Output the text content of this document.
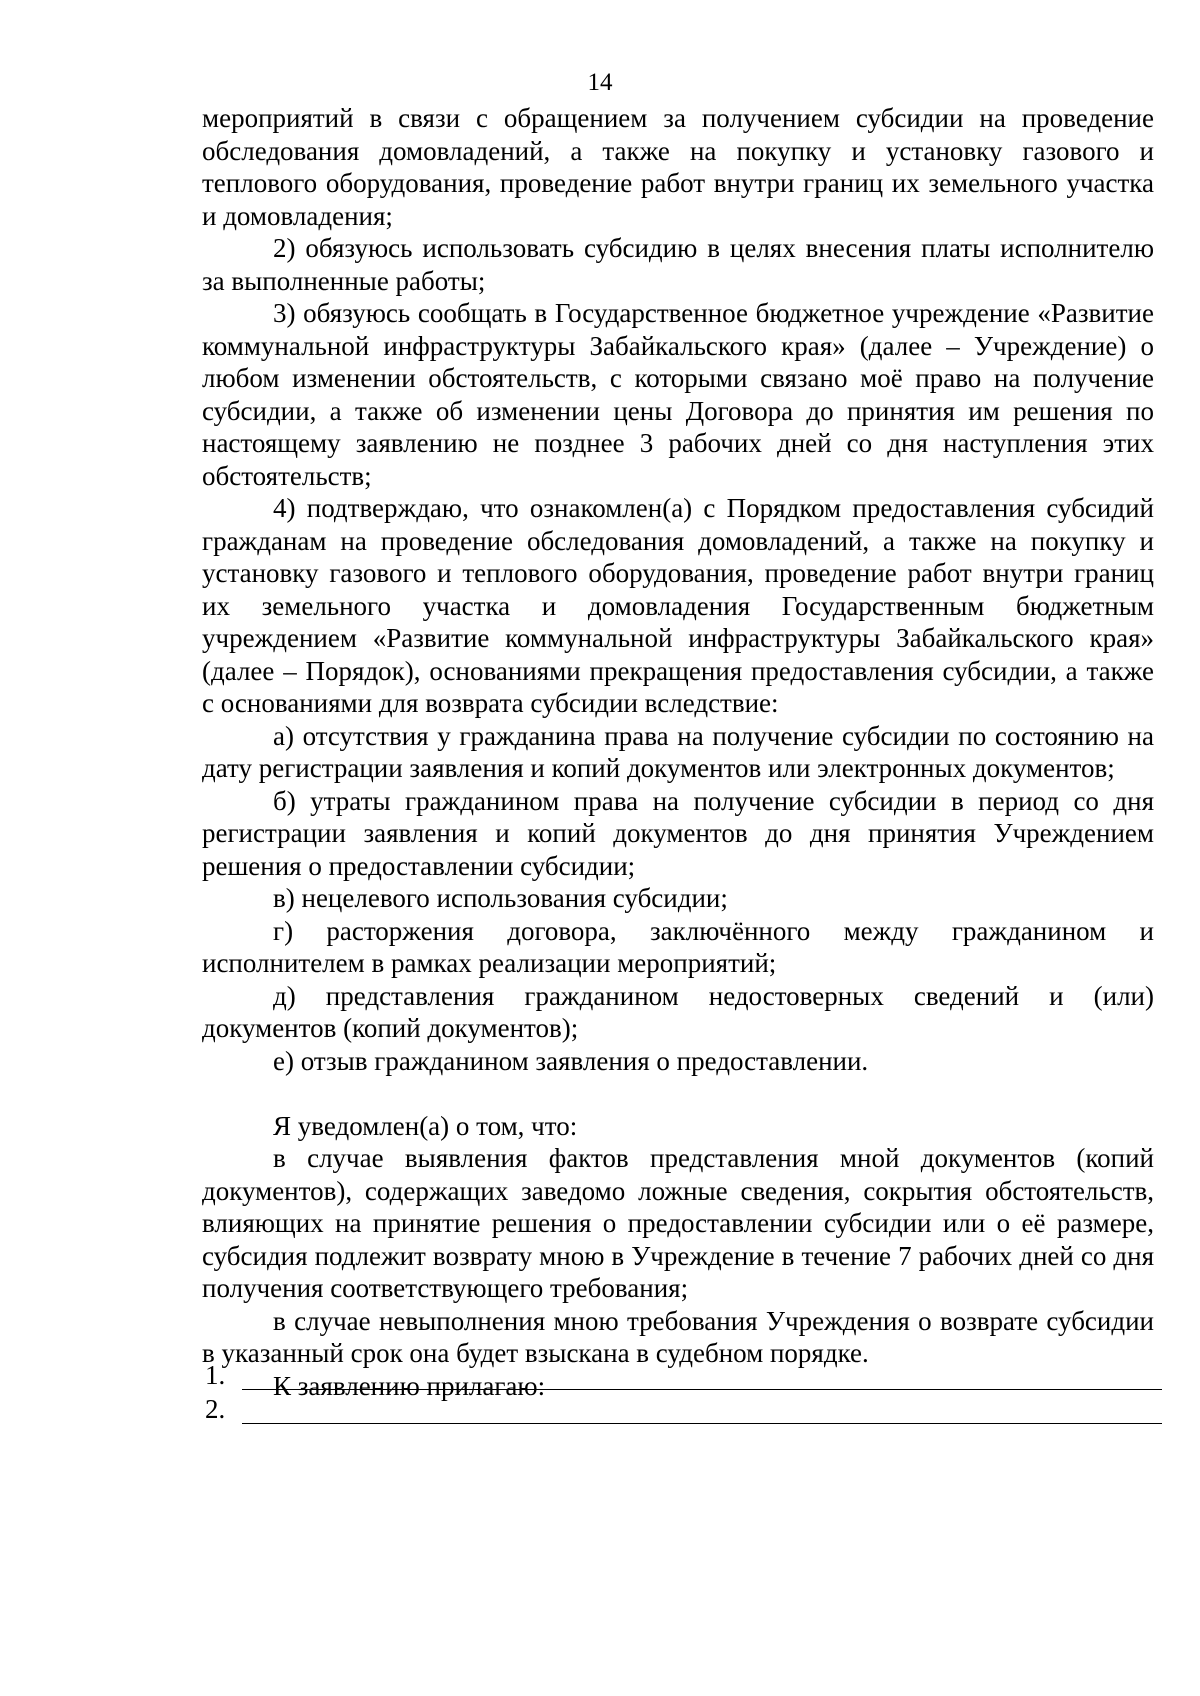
14

мероприятий в связи с обращением за получением субсидии на проведение обследования домовладений, а также на покупку и установку газового и теплового оборудования, проведение работ внутри границ их земельного участка и домовладения;

2) обязуюсь использовать субсидию в целях внесения платы исполнителю за выполненные работы;

3) обязуюсь сообщать в Государственное бюджетное учреждение «Развитие коммунальной инфраструктуры Забайкальского края» (далее – Учреждение) о любом изменении обстоятельств, с которыми связано моё право на получение субсидии, а также об изменении цены Договора до принятия им решения по настоящему заявлению не позднее 3 рабочих дней со дня наступления этих обстоятельств;

4) подтверждаю, что ознакомлен(а) с Порядком предоставления субсидий гражданам на проведение обследования домовладений, а также на покупку и установку газового и теплового оборудования, проведение работ внутри границ их земельного участка и домовладения Государственным бюджетным учреждением «Развитие коммунальной инфраструктуры Забайкальского края» (далее – Порядок), основаниями прекращения предоставления субсидии, а также с основаниями для возврата субсидии вследствие:

а) отсутствия у гражданина права на получение субсидии по состоянию на дату регистрации заявления и копий документов или электронных документов;

б) утраты гражданином права на получение субсидии в период со дня регистрации заявления и копий документов до дня принятия Учреждением решения о предоставлении субсидии;

в) нецелевого использования субсидии;

г) расторжения договора, заключённого между гражданином и исполнителем в рамках реализации мероприятий;

д) представления гражданином недостоверных сведений и (или) документов (копий документов);

е) отзыв гражданином заявления о предоставлении.

Я уведомлен(а) о том, что:

в случае выявления фактов представления мной документов (копий документов), содержащих заведомо ложные сведения, сокрытия обстоятельств, влияющих на принятие решения о предоставлении субсидии или о её размере, субсидия подлежит возврату мною в Учреждение в течение 7 рабочих дней со дня получения соответствующего требования;

в случае невыполнения мною требования Учреждения о возврате субсидии в указанный срок она будет взыскана в судебном порядке.

К заявлению прилагаю:

1.
2.
